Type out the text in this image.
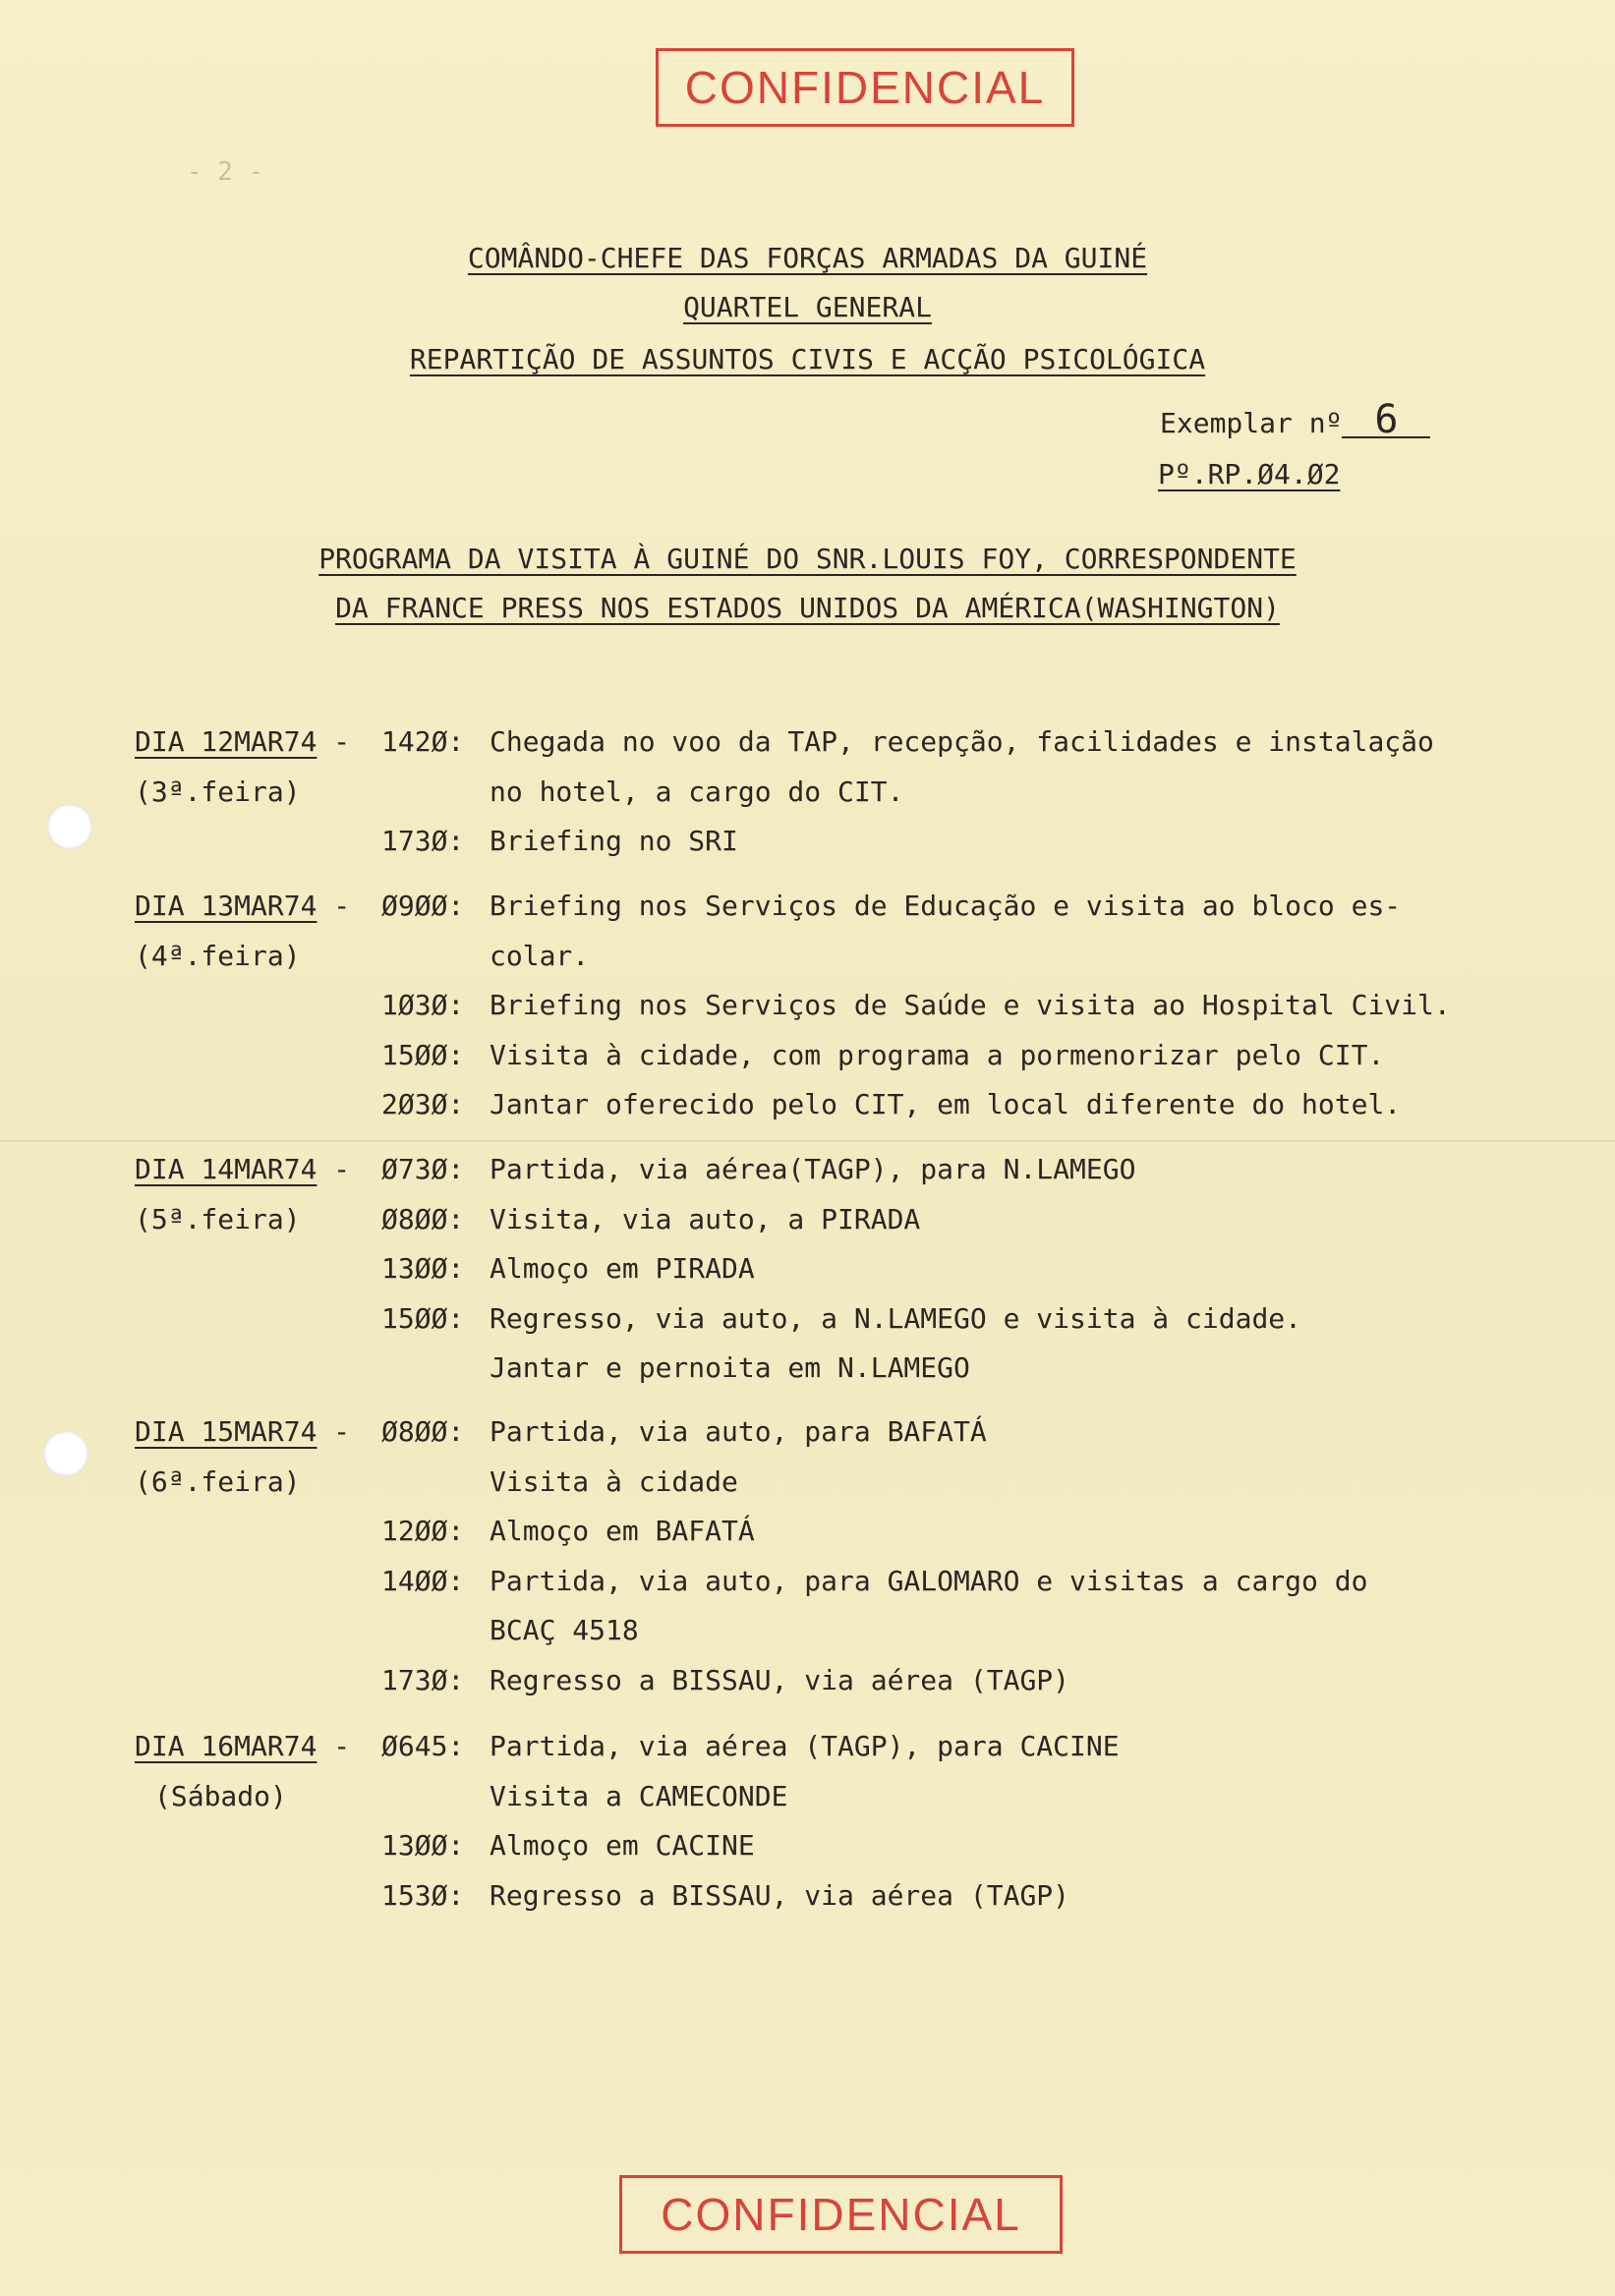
CONFIDENCIAL
- 2 -
COMÂNDO-CHEFE DAS FORÇAS ARMADAS DA GUINÉ
QUARTEL GENERAL
REPARTIÇÃO DE ASSUNTOS CIVIS E ACÇÃO PSICOLÓGICA
Exemplar nº 6
Pº.RP.Ø4.Ø2
PROGRAMA DA VISITA À GUINÉ DO SNR.LOUIS FOY, CORRESPONDENTE
DA FRANCE PRESS NOS ESTADOS UNIDOS DA AMÉRICA(WASHINGTON)
DIA 12MAR74 -
(3ª.feira)
142Ø: Chegada no voo da TAP, recepção, facilidades e instalação
no hotel, a cargo do CIT.
173Ø: Briefing no SRI
DIA 13MAR74 -
(4ª.feira)
Ø9ØØ: Briefing nos Serviços de Educação e visita ao bloco es-
colar.
1Ø3Ø: Briefing nos Serviços de Saúde e visita ao Hospital Civil.
15ØØ: Visita à cidade, com programa a pormenorizar pelo CIT.
2Ø3Ø: Jantar oferecido pelo CIT, em local diferente do hotel.
DIA 14MAR74 -
(5ª.feira)
Ø73Ø: Partida, via aérea(TAGP), para N.LAMEGO
Ø8ØØ: Visita, via auto, a PIRADA
13ØØ: Almoço em PIRADA
15ØØ: Regresso, via auto, a N.LAMEGO e visita à cidade.
Jantar e pernoita em N.LAMEGO
DIA 15MAR74 -
(6ª.feira)
Ø8ØØ: Partida, via auto, para BAFATÁ
Visita à cidade
12ØØ: Almoço em BAFATÁ
14ØØ: Partida, via auto, para GALOMARO e visitas a cargo do
BCAÇ 4518
173Ø: Regresso a BISSAU, via aérea (TAGP)
DIA 16MAR74 -
(Sábado)
Ø645: Partida, via aérea (TAGP), para CACINE
Visita a CAMECONDE
13ØØ: Almoço em CACINE
153Ø: Regresso a BISSAU, via aérea (TAGP)
CONFIDENCIAL
